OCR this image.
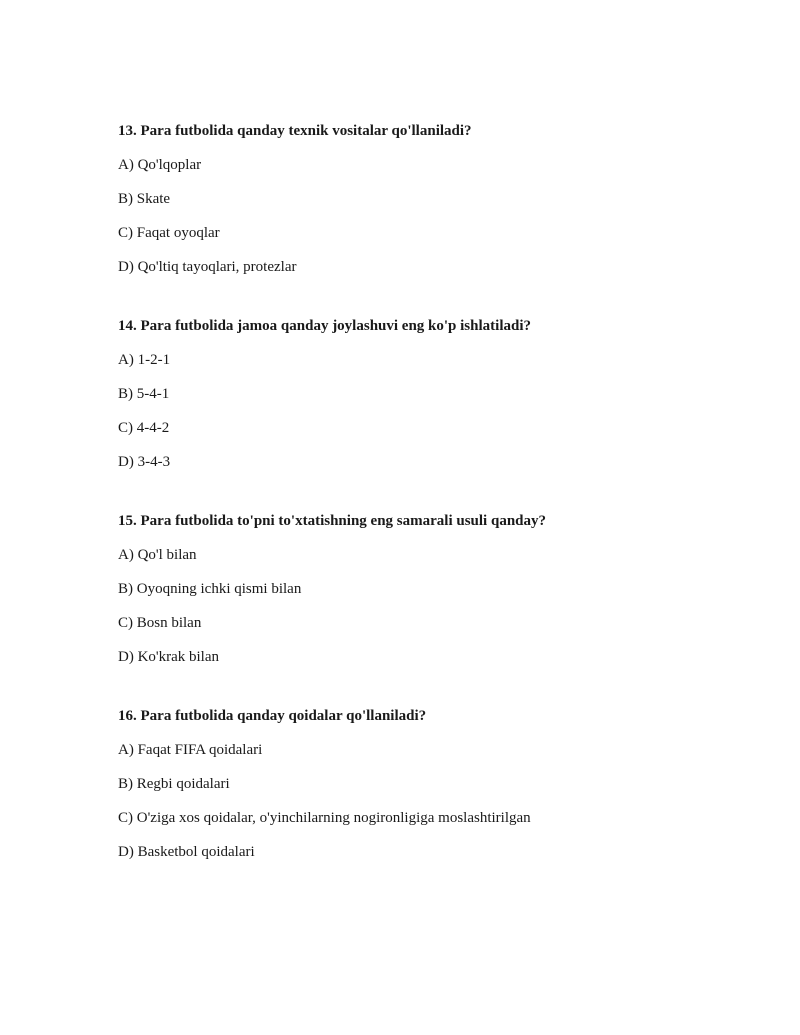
13. Para futbolida qanday texnik vositalar qo'llaniladi?
A) Qo'lqoplar
B) Skate
C) Faqat oyoqlar
D) Qo'ltiq tayoqlari, protezlar
14. Para futbolida jamoa qanday joylashuvi eng ko'p ishlatiladi?
A) 1-2-1
B) 5-4-1
C) 4-4-2
D) 3-4-3
15. Para futbolida to'pni to'xtatishning eng samarali usuli qanday?
A) Qo'l bilan
B) Oyoqning ichki qismi bilan
C) Bosn bilan
D) Ko'krak bilan
16. Para futbolida qanday qoidalar qo'llaniladi?
A) Faqat FIFA qoidalari
B) Regbi qoidalari
C) O'ziga xos qoidalar, o'yinchilarning nogironligiga moslashtirilgan
D) Basketbol qoidalari
